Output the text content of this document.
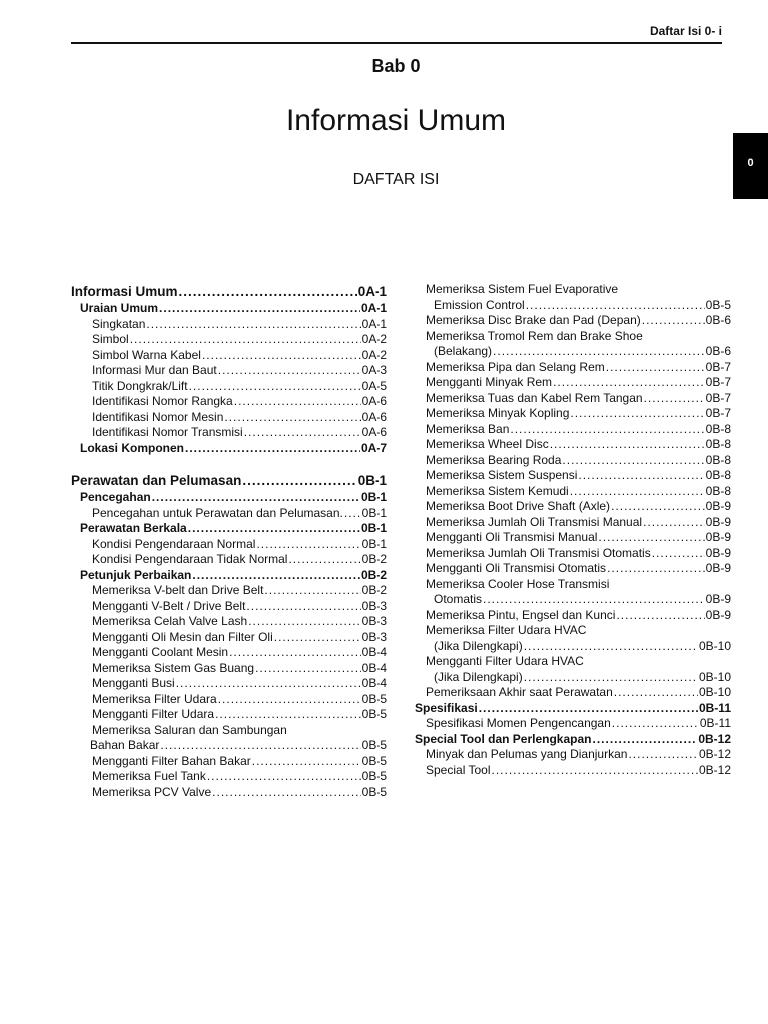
Daftar Isi 0- i
0
Bab 0
Informasi Umum
DAFTAR ISI
Informasi Umum .....	0A-1
Uraian Umum .....	0A-1
Singkatan .....	0A-1
Simbol .....	0A-2
Simbol Warna Kabel .....	0A-2
Informasi Mur dan Baut .....	0A-3
Titik Dongkrak/Lift .....	0A-5
Identifikasi Nomor Rangka .....	0A-6
Identifikasi Nomor Mesin .....	0A-6
Identifikasi Nomor Transmisi .....	0A-6
Lokasi Komponen .....	0A-7
Perawatan dan Pelumasan .....	0B-1
Pencegahan .....	0B-1
Pencegahan untuk Perawatan dan Pelumasan. ..... 0B-1
Perawatan Berkala .....	0B-1
Kondisi Pengendaraan Normal .....	0B-1
Kondisi Pengendaraan Tidak Normal .....	0B-2
Petunjuk Perbaikan .....	0B-2
Memeriksa V-belt dan Drive Belt .....	0B-2
Mengganti V-Belt / Drive Belt .....	0B-3
Memeriksa Celah Valve Lash .....	0B-3
Mengganti Oli Mesin dan Filter Oli .....	0B-3
Mengganti Coolant Mesin .....	0B-4
Memeriksa Sistem Gas Buang .....	0B-4
Mengganti Busi .....	0B-4
Memeriksa Filter Udara .....	0B-5
Mengganti Filter Udara .....	0B-5
Memeriksa Saluran dan Sambungan
Bahan Bakar .....	0B-5
Mengganti Filter Bahan Bakar .....	0B-5
Memeriksa Fuel Tank .....	0B-5
Memeriksa PCV Valve .....	0B-5
Memeriksa Sistem Fuel Evaporative
Emission Control .....	0B-5
Memeriksa Disc Brake dan Pad (Depan) .....	0B-6
Memeriksa Tromol Rem dan Brake Shoe
(Belakang) .....	0B-6
Memeriksa Pipa dan Selang Rem .....	0B-7
Mengganti Minyak Rem .....	0B-7
Memeriksa Tuas dan Kabel Rem Tangan .....	0B-7
Memeriksa Minyak Kopling .....	0B-7
Memeriksa Ban .....	0B-8
Memeriksa Wheel Disc .....	0B-8
Memeriksa Bearing Roda .....	0B-8
Memeriksa Sistem Suspensi .....	0B-8
Memeriksa Sistem Kemudi .....	0B-8
Memeriksa Boot Drive Shaft (Axle) .....	0B-9
Memeriksa Jumlah Oli Transmisi Manual .....	0B-9
Mengganti Oli Transmisi Manual .....	0B-9
Memeriksa Jumlah Oli Transmisi Otomatis .....	0B-9
Mengganti Oli Transmisi Otomatis .....	0B-9
Memeriksa Cooler Hose Transmisi
Otomatis .....	0B-9
Memeriksa Pintu, Engsel dan Kunci .....	0B-9
Memeriksa Filter Udara HVAC
(Jika Dilengkapi) .....	0B-10
Mengganti Filter Udara HVAC
(Jika Dilengkapi) .....	0B-10
Pemeriksaan Akhir saat Perawatan .....	0B-10
Spesifikasi .....	0B-11
Spesifikasi Momen Pengencangan .....	0B-11
Special Tool dan Perlengkapan .....	0B-12
Minyak dan Pelumas yang Dianjurkan .....	0B-12
Special Tool .....	0B-12
